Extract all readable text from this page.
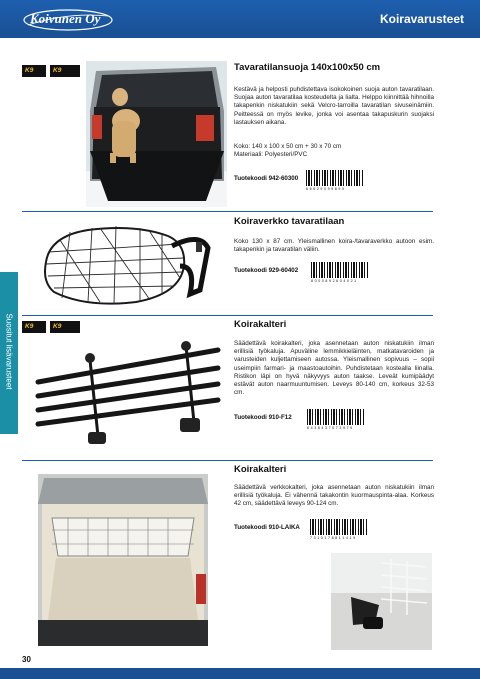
Koivunen Oy	Koiravarusteet
Suositut lisävarusteet
K9	K9	Tavaratilansuoja 140x100x50 cm

Kestävä ja helposti puhdistettava isokokoinen suoja auton tavaratilaan. Suojaa auton tavaratilaa kosteudelta ja lialta. Helppo kiinnittää hihnoilla takapenkin niskatukiin sekä Velcro-tarroilla tavaratilan sivuseinämiin. Peitteessä on myös levike, jonka voi asentaa takapuskurin suojaksi lastauksen aikana.

Koko: 140 x 100 x 50 cm + 30 x 70 cm
Materiaali: Polyesteri/PVC
Tuotekoodi 942-60300
6 6 6 2 9 0 9 9 8 9 0
Koiraverkko tavaratilaan

Koko 130 x 87 cm. Yleismallinen koira-/tavaraverkko autoon esim. takapenkin ja tavaratilan väliin.

Tuotekoodi 929-60402
8 0 0 0 8 9 2 6 0 4 0 2 1
K9	K9	Koirakalteri

Säädettävä koirakalteri, joka asennetaan auton niskatukiin ilman erillisiä työkaluja. Apuväline lemmikkieläinten, matkatavaroiden ja varusteiden kuljettamiseen autossa. Yleismallinen sopivuus – sopii useimpiin farmari- ja maastoautoihin. Puhdistetaan kostealla liinalla. Ristikon läpi on hyvä näkyvyys auton taakse. Leveät kumipäädyt estävät auton naarmuuntumisen. Leveys 80-140 cm, korkeus 32-53 cm.

Tuotekoodi 910-F12
6 4 3 8 4 3 7 0 7 3 9 7 9
Koirakalteri

Säädettävä verkkokalteri, joka asennetaan auton niskatukiin ilman erillisiä työkaluja. Ei vähennä takakontin kuormauspinta-alaa. Korkeus 42 cm, säädettävä leveys 90-124 cm.

Tuotekoodi 910-LAIKA
7 3 1 0 1 7 8 8 1 1 4 1 9
30
